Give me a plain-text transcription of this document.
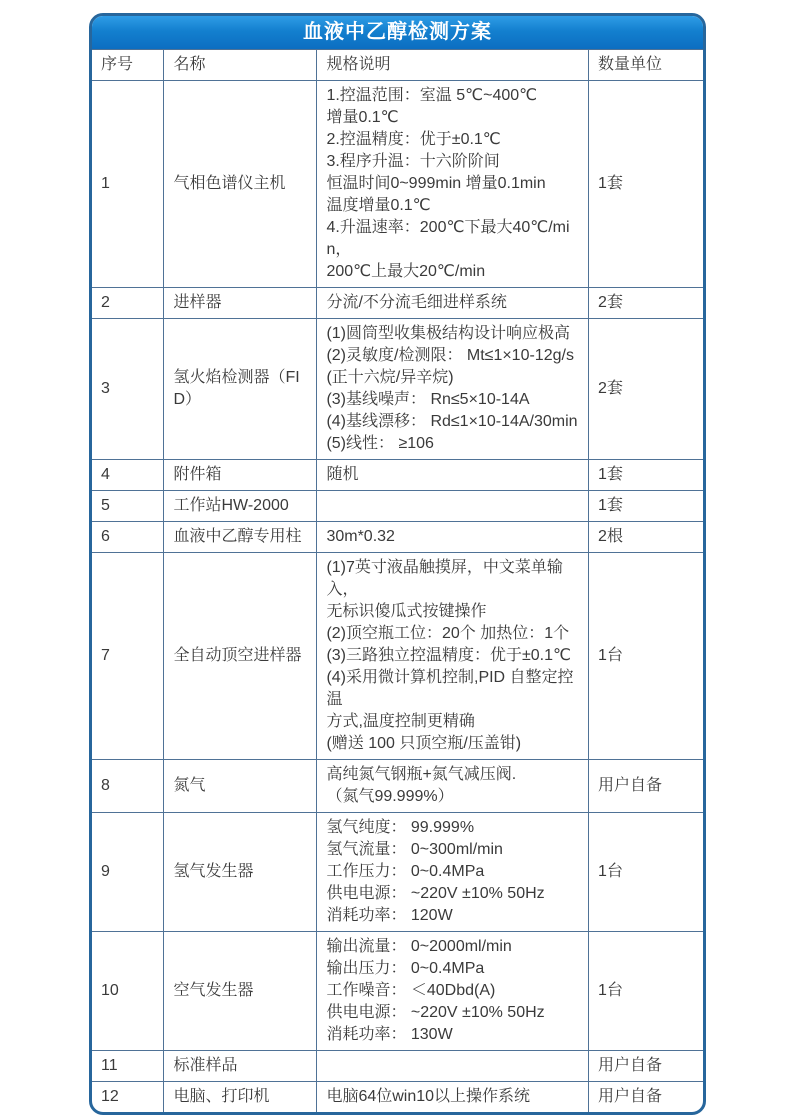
血液中乙醇检测方案
序号	名称	规格说明	数量单位
1	气相色谱仪主机	
1.控温范围：室温 5℃~400℃
增量0.1℃
2.控温精度：优于±0.1℃
3.程序升温：十六阶阶间
恒温时间0~999min 增量0.1min
温度增量0.1℃
4.升温速率：200℃下最大40℃/min，
200℃上最大20℃/min
	1套
2	进样器	分流/不分流毛细进样系统	2套
3	氢火焰检测器（FID）	
(1)圆筒型收集极结构设计响应极高
(2)灵敏度/检测限： Mt≤1×10-12g/s
(正十六烷/异辛烷)
(3)基线噪声： Rn≤5×10-14A
(4)基线漂移： Rd≤1×10-14A/30min
(5)线性： ≥106
	2套
4	附件箱	随机	1套
5	工作站HW-2000		1套
6	血液中乙醇专用柱	30m*0.32	2根
7	全自动顶空进样器	
(1)7英寸液晶触摸屏，中文菜单输入，
无标识傻瓜式按键操作
(2)顶空瓶工位：20个 加热位：1个
(3)三路独立控温精度：优于±0.1℃
(4)采用微计算机控制,PID 自整定控温
方式,温度控制更精确
(赠送 100 只顶空瓶/压盖钳)
	1台
8	氮气	高纯氮气钢瓶+氮气减压阀.
（氮气99.999%）	用户自备
9	氢气发生器	氢气纯度： 99.999%
氢气流量： 0~300ml/min
工作压力： 0~0.4MPa
供电电源： ~220V ±10% 50Hz
消耗功率： 120W	1台
10	空气发生器	输出流量： 0~2000ml/min
输出压力： 0~0.4MPa
工作噪音： ＜40Dbd(A)
供电电源： ~220V ±10% 50Hz
消耗功率： 130W	1台
11	标准样品		用户自备
12	电脑、打印机	电脑64位win10以上操作系统	用户自备
